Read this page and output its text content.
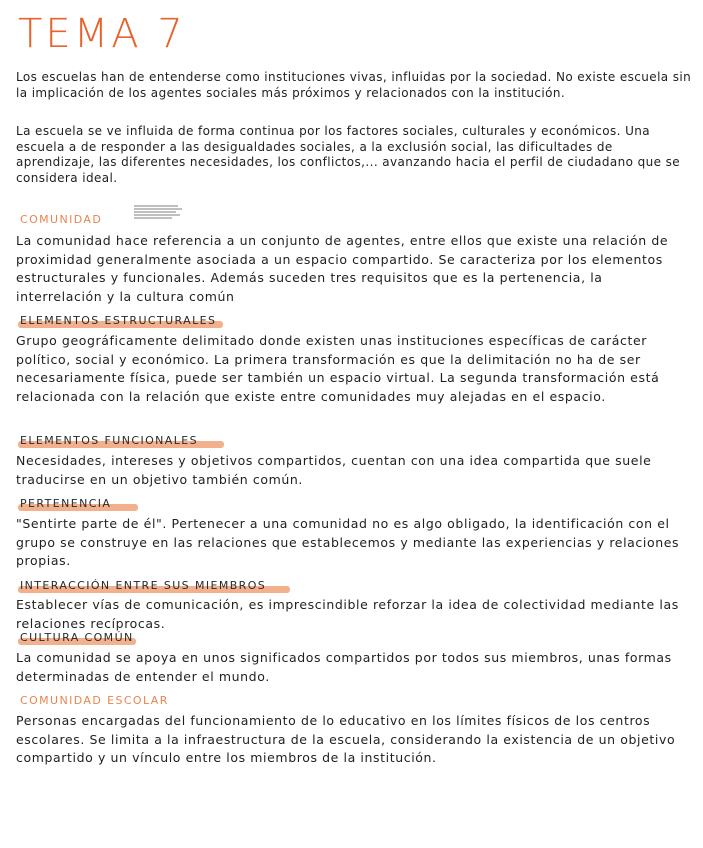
TEMA 7

Los escuelas han de entenderse como instituciones vivas, influidas por la sociedad. No existe escuela sin la implicación de los agentes sociales más próximos y relacionados con la institución.

La escuela se ve influida de forma continua por los factores sociales, culturales y económicos. Una escuela a de responder a las desigualdades sociales, a la exclusión social, las dificultades de aprendizaje, las diferentes necesidades, los conflictos,... avanzando hacia el perfil de ciudadano que se considera ideal.

COMUNIDAD

La comunidad hace referencia a un conjunto de agentes, entre ellos que existe una relación de proximidad generalmente asociada a un espacio compartido. Se caracteriza por los elementos estructurales y funcionales. Además suceden tres requisitos que es la pertenencia, la interrelación y la cultura común

ELEMENTOS ESTRUCTURALES

Grupo geográficamente delimitado donde existen unas instituciones específicas de carácter político, social y económico. La primera transformación es que la delimitación no ha de ser necesariamente física, puede ser también un espacio virtual. La segunda transformación está relacionada con la relación que existe entre comunidades muy alejadas en el espacio.

ELEMENTOS FUNCIONALES

Necesidades, intereses y objetivos compartidos, cuentan con una idea compartida que suele traducirse en un objetivo también común.

PERTENENCIA

"Sentirte parte de él". Pertenecer a una comunidad no es algo obligado, la identificación con el grupo se construye en las relaciones que establecemos y mediante las experiencias y relaciones propias.

INTERACCIÓN ENTRE SUS MIEMBROS

Establecer vías de comunicación, es imprescindible reforzar la idea de colectividad mediante las relaciones recíprocas.

CULTURA COMÚN

La comunidad se apoya en unos significados compartidos por todos sus miembros, unas formas determinadas de entender el mundo.

COMUNIDAD ESCOLAR

Personas encargadas del funcionamiento de lo educativo en los límites físicos de los centros escolares. Se limita a la infraestructura de la escuela, considerando la existencia de un objetivo compartido y un vínculo entre los miembros de la institución.
